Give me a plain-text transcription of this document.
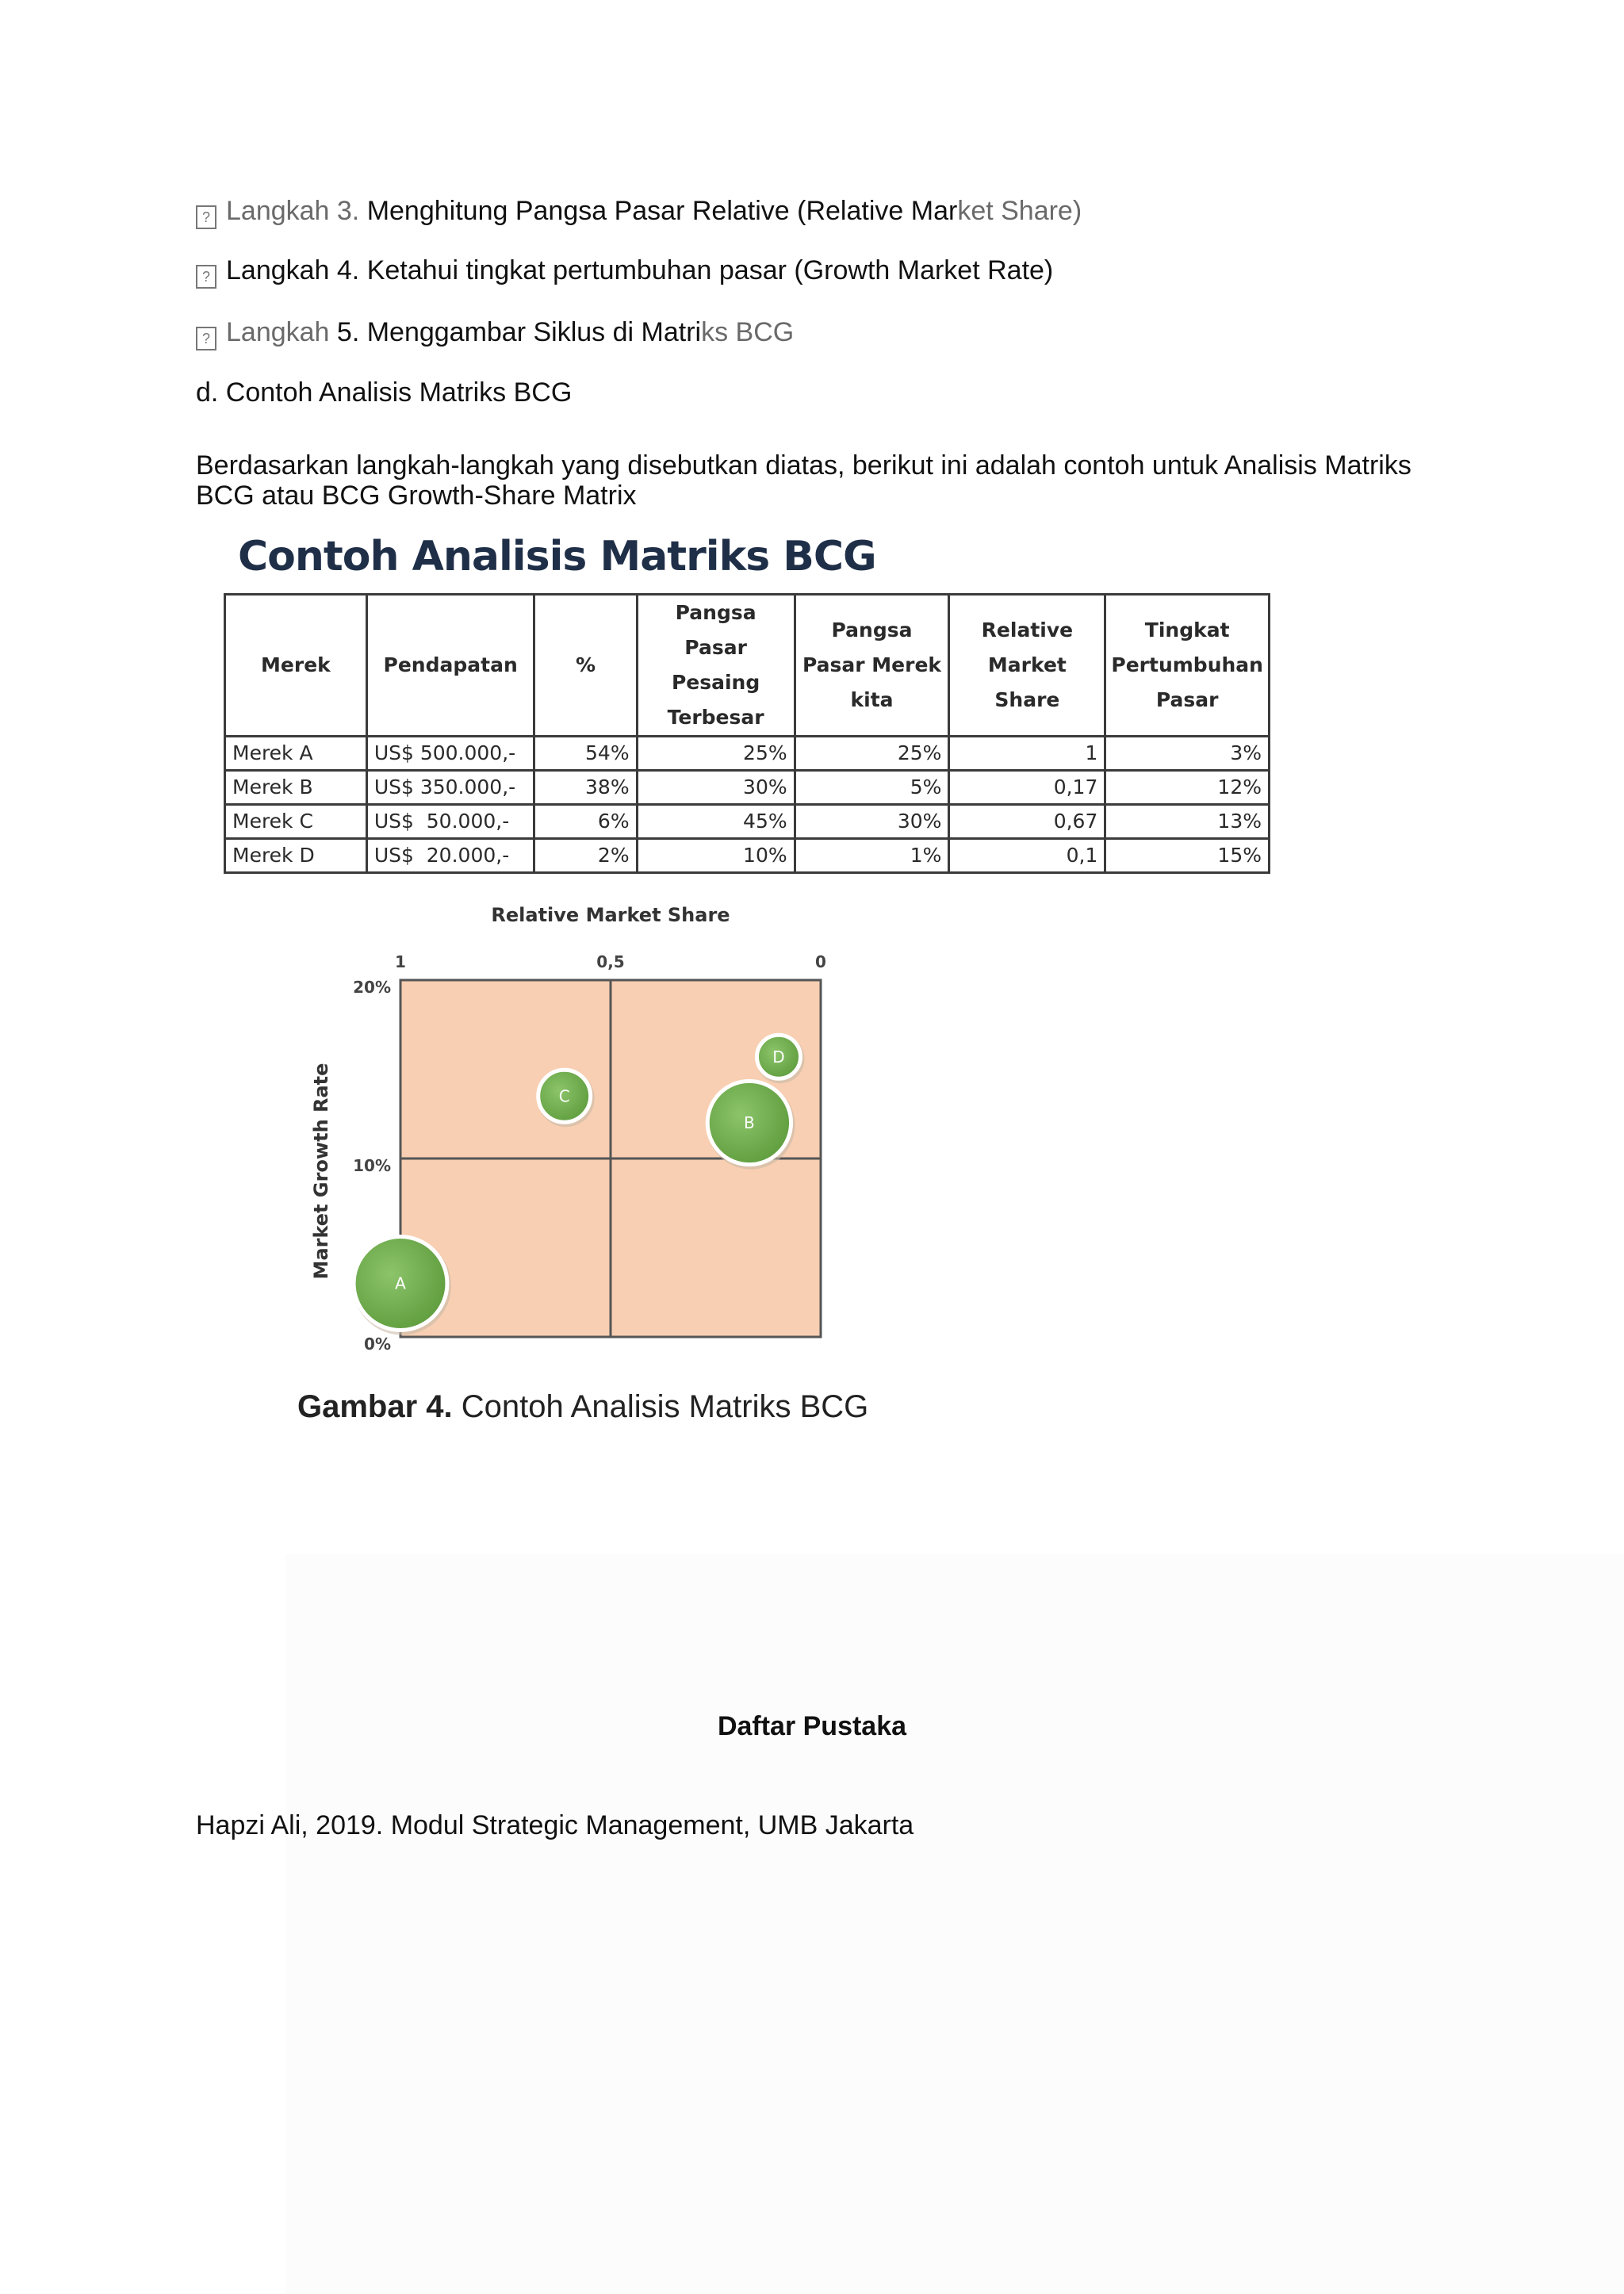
? Langkah 3. Menghitung Pangsa Pasar Relative (Relative Market Share)
? Langkah 4. Ketahui tingkat pertumbuhan pasar (Growth Market Rate)
? Langkah 5. Menggambar Siklus di Matriks BCG
d. Contoh Analisis Matriks BCG
Berdasarkan langkah-langkah yang disebutkan diatas, berikut ini adalah contoh untuk Analisis Matriks BCG atau BCG Growth-Share Matrix
Contoh Analisis Matriks BCG
Merek	Pendapatan	%	Pangsa Pasar Pesaing Terbesar	Pangsa Pasar Merek kita	Relative Market Share	Tingkat Pertumbuhan Pasar
Merek A	US$ 500.000,-	54%	25%	25%	1	3%
Merek B	US$ 350.000,-	38%	30%	5%	0,17	12%
Merek C	US$  50.000,-	6%	45%	30%	0,67	13%
Merek D	US$  20.000,-	2%	10%	1%	0,1	15%
Relative Market Share
1	0,5	0
20%
10%
0%
Market Growth Rate
A
B
C
D
Gambar 4. Contoh Analisis Matriks BCG
Daftar Pustaka
Hapzi Ali, 2019. Modul Strategic Management, UMB Jakarta
